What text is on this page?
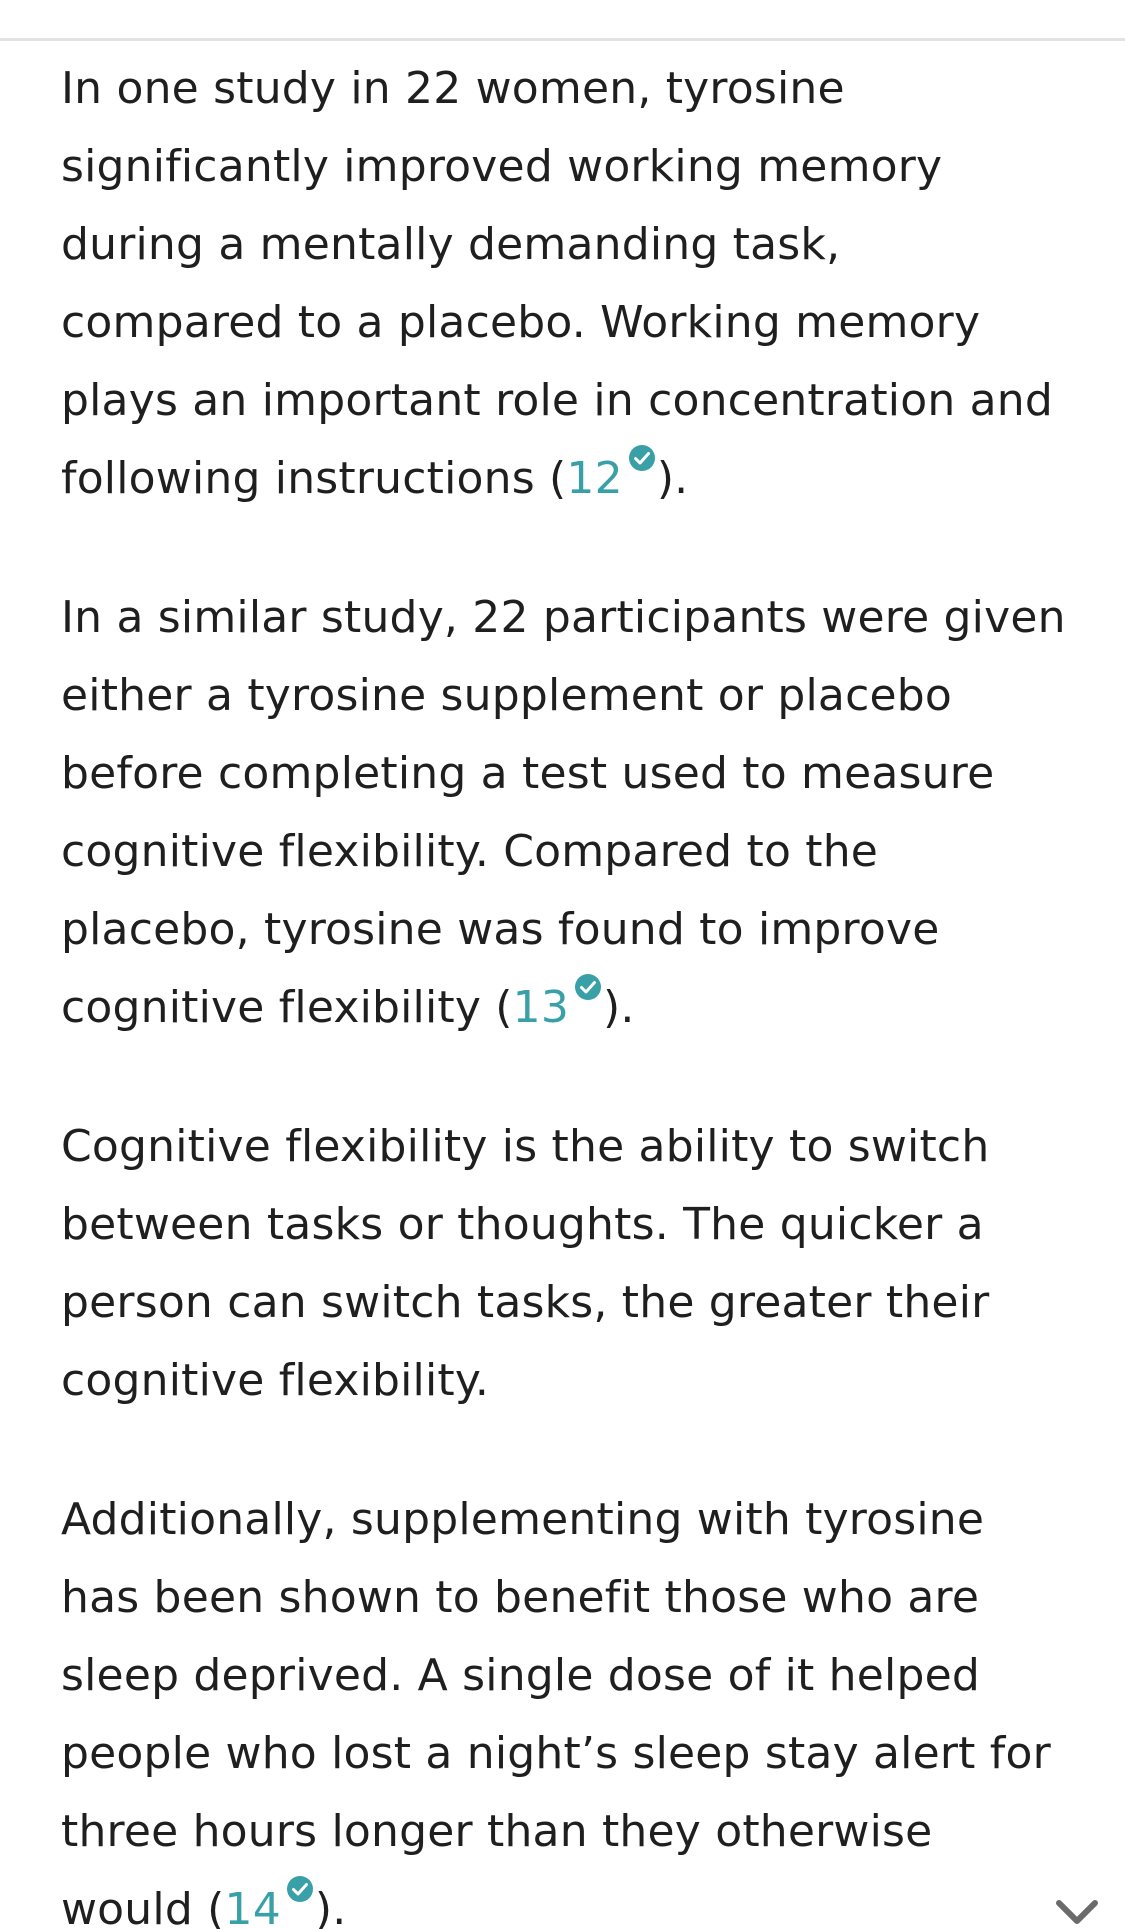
In one study in 22 women, tyrosine
significantly improved working memory
during a mentally demanding task,
compared to a placebo. Working memory
plays an important role in concentration and
following instructions (12 ).

In a similar study, 22 participants were given
either a tyrosine supplement or placebo
before completing a test used to measure
cognitive flexibility. Compared to the
placebo, tyrosine was found to improve
cognitive flexibility (13 ).

Cognitive flexibility is the ability to switch
between tasks or thoughts. The quicker a
person can switch tasks, the greater their
cognitive flexibility.

Additionally, supplementing with tyrosine
has been shown to benefit those who are
sleep deprived. A single dose of it helped
people who lost a night’s sleep stay alert for
three hours longer than they otherwise
would (14 ).
